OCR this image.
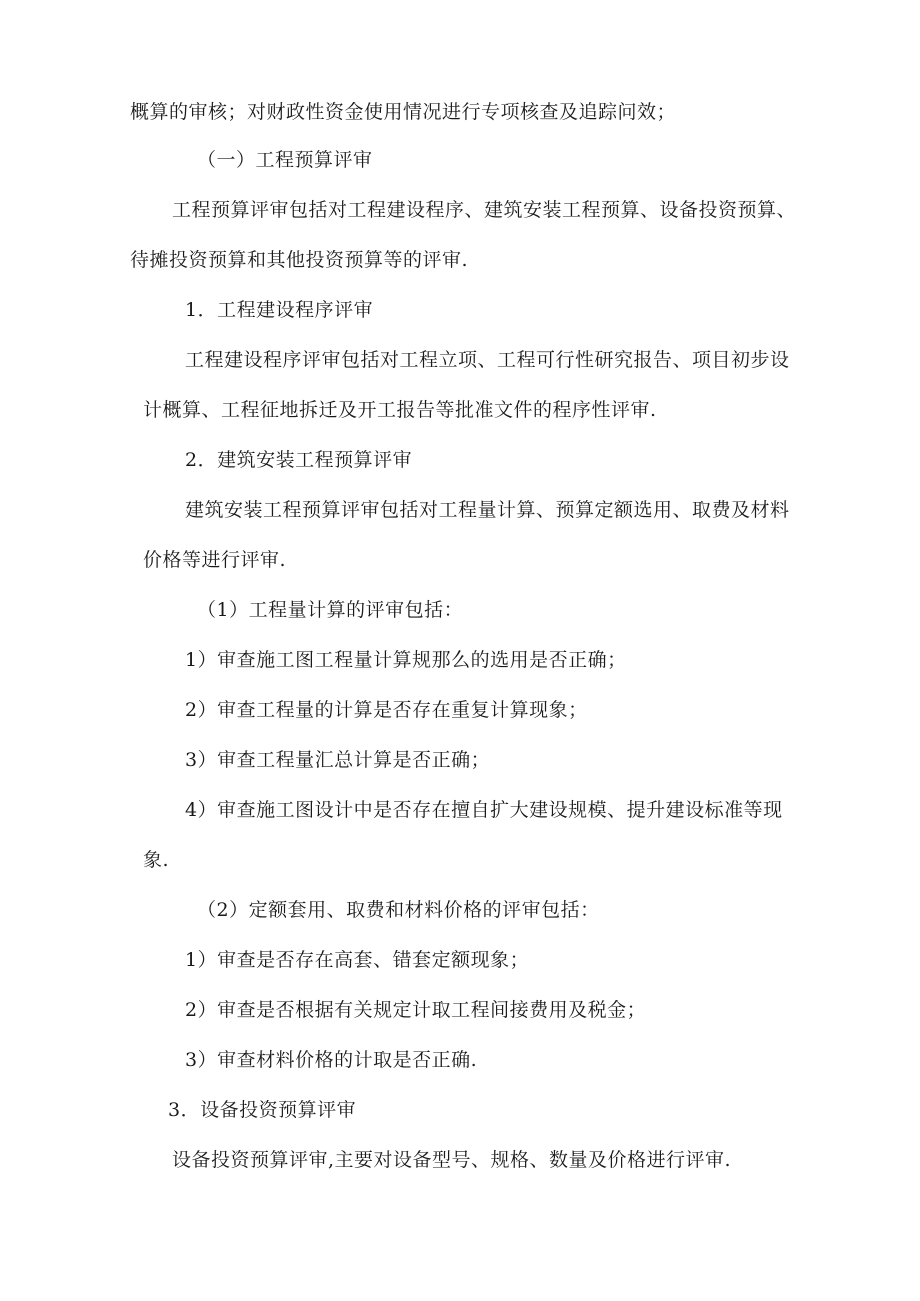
概算的审核；对财政性资金使用情况进行专项核查及追踪问效；
（一）工程预算评审
工程预算评审包括对工程建设程序、建筑安装工程预算、设备投资预算、
待摊投资预算和其他投资预算等的评审.
1．工程建设程序评审
工程建设程序评审包括对工程立项、工程可行性研究报告、项目初步设
计概算、工程征地拆迁及开工报告等批准文件的程序性评审.
2．建筑安装工程预算评审
建筑安装工程预算评审包括对工程量计算、预算定额选用、取费及材料
价格等进行评审.
（1）工程量计算的评审包括：
1）审查施工图工程量计算规那么的选用是否正确；
2）审查工程量的计算是否存在重复计算现象；
3）审查工程量汇总计算是否正确；
4）审查施工图设计中是否存在擅自扩大建设规模、提升建设标准等现
象.
（2）定额套用、取费和材料价格的评审包括：
1）审查是否存在高套、错套定额现象；
2）审查是否根据有关规定计取工程间接费用及税金；
3）审查材料价格的计取是否正确.
3．设备投资预算评审
设备投资预算评审,主要对设备型号、规格、数量及价格进行评审.
